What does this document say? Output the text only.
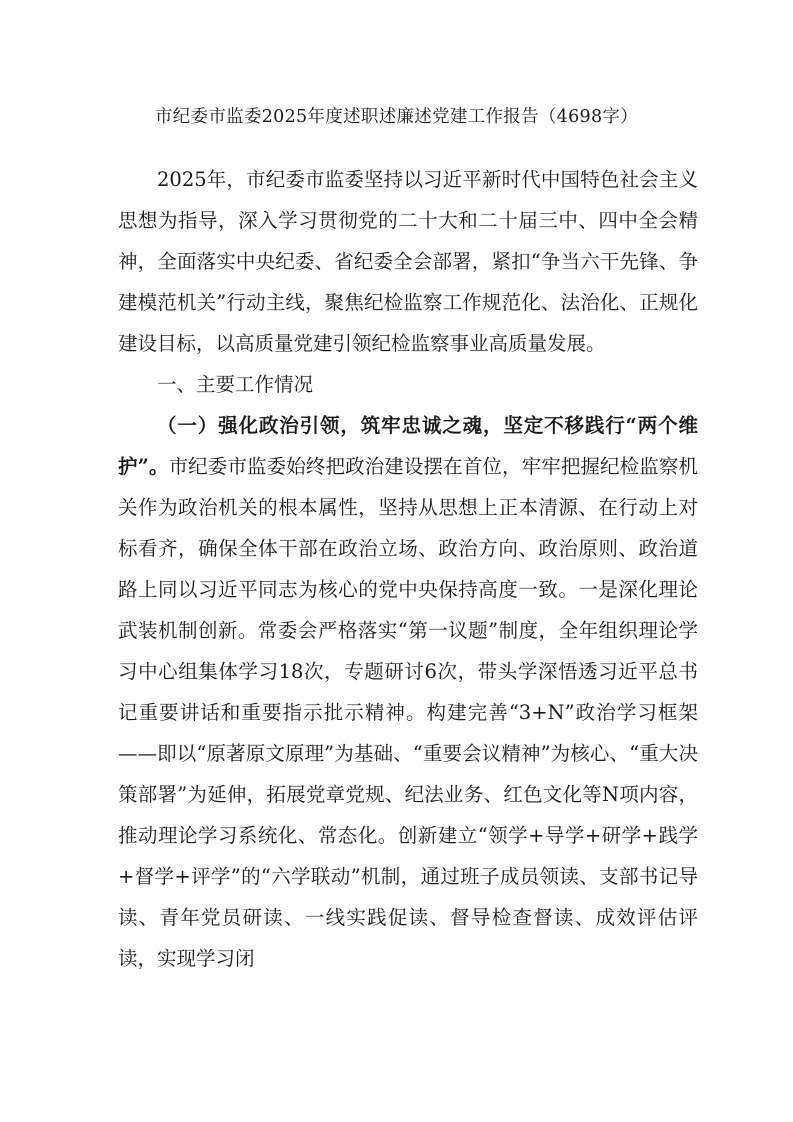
市纪委市监委2025年度述职述廉述党建工作报告（4698字）

2025年，市纪委市监委坚持以习近平新时代中国特色社会主义思想为指导，深入学习贯彻党的二十大和二十届三中、四中全会精神，全面落实中央纪委、省纪委全会部署，紧扣“争当六干先锋、争建模范机关”行动主线，聚焦纪检监察工作规范化、法治化、正规化建设目标，以高质量党建引领纪检监察事业高质量发展。

一、主要工作情况

（一）强化政治引领，筑牢忠诚之魂，坚定不移践行“两个维护”。市纪委市监委始终把政治建设摆在首位，牢牢把握纪检监察机关作为政治机关的根本属性，坚持从思想上正本清源、在行动上对标看齐，确保全体干部在政治立场、政治方向、政治原则、政治道路上同以习近平同志为核心的党中央保持高度一致。一是深化理论武装机制创新。常委会严格落实“第一议题”制度，全年组织理论学习中心组集体学习18次，专题研讨6次，带头学深悟透习近平总书记重要讲话和重要指示批示精神。构建完善“3+N”政治学习框架——即以“原著原文原理”为基础、“重要会议精神”为核心、“重大决策部署”为延伸，拓展党章党规、纪法业务、红色文化等N项内容，推动理论学习系统化、常态化。创新建立“领学+导学+研学+践学+督学+评学”的“六学联动”机制，通过班子成员领读、支部书记导读、青年党员研读、一线实践促读、督导检查督读、成效评估评读，实现学习闭
